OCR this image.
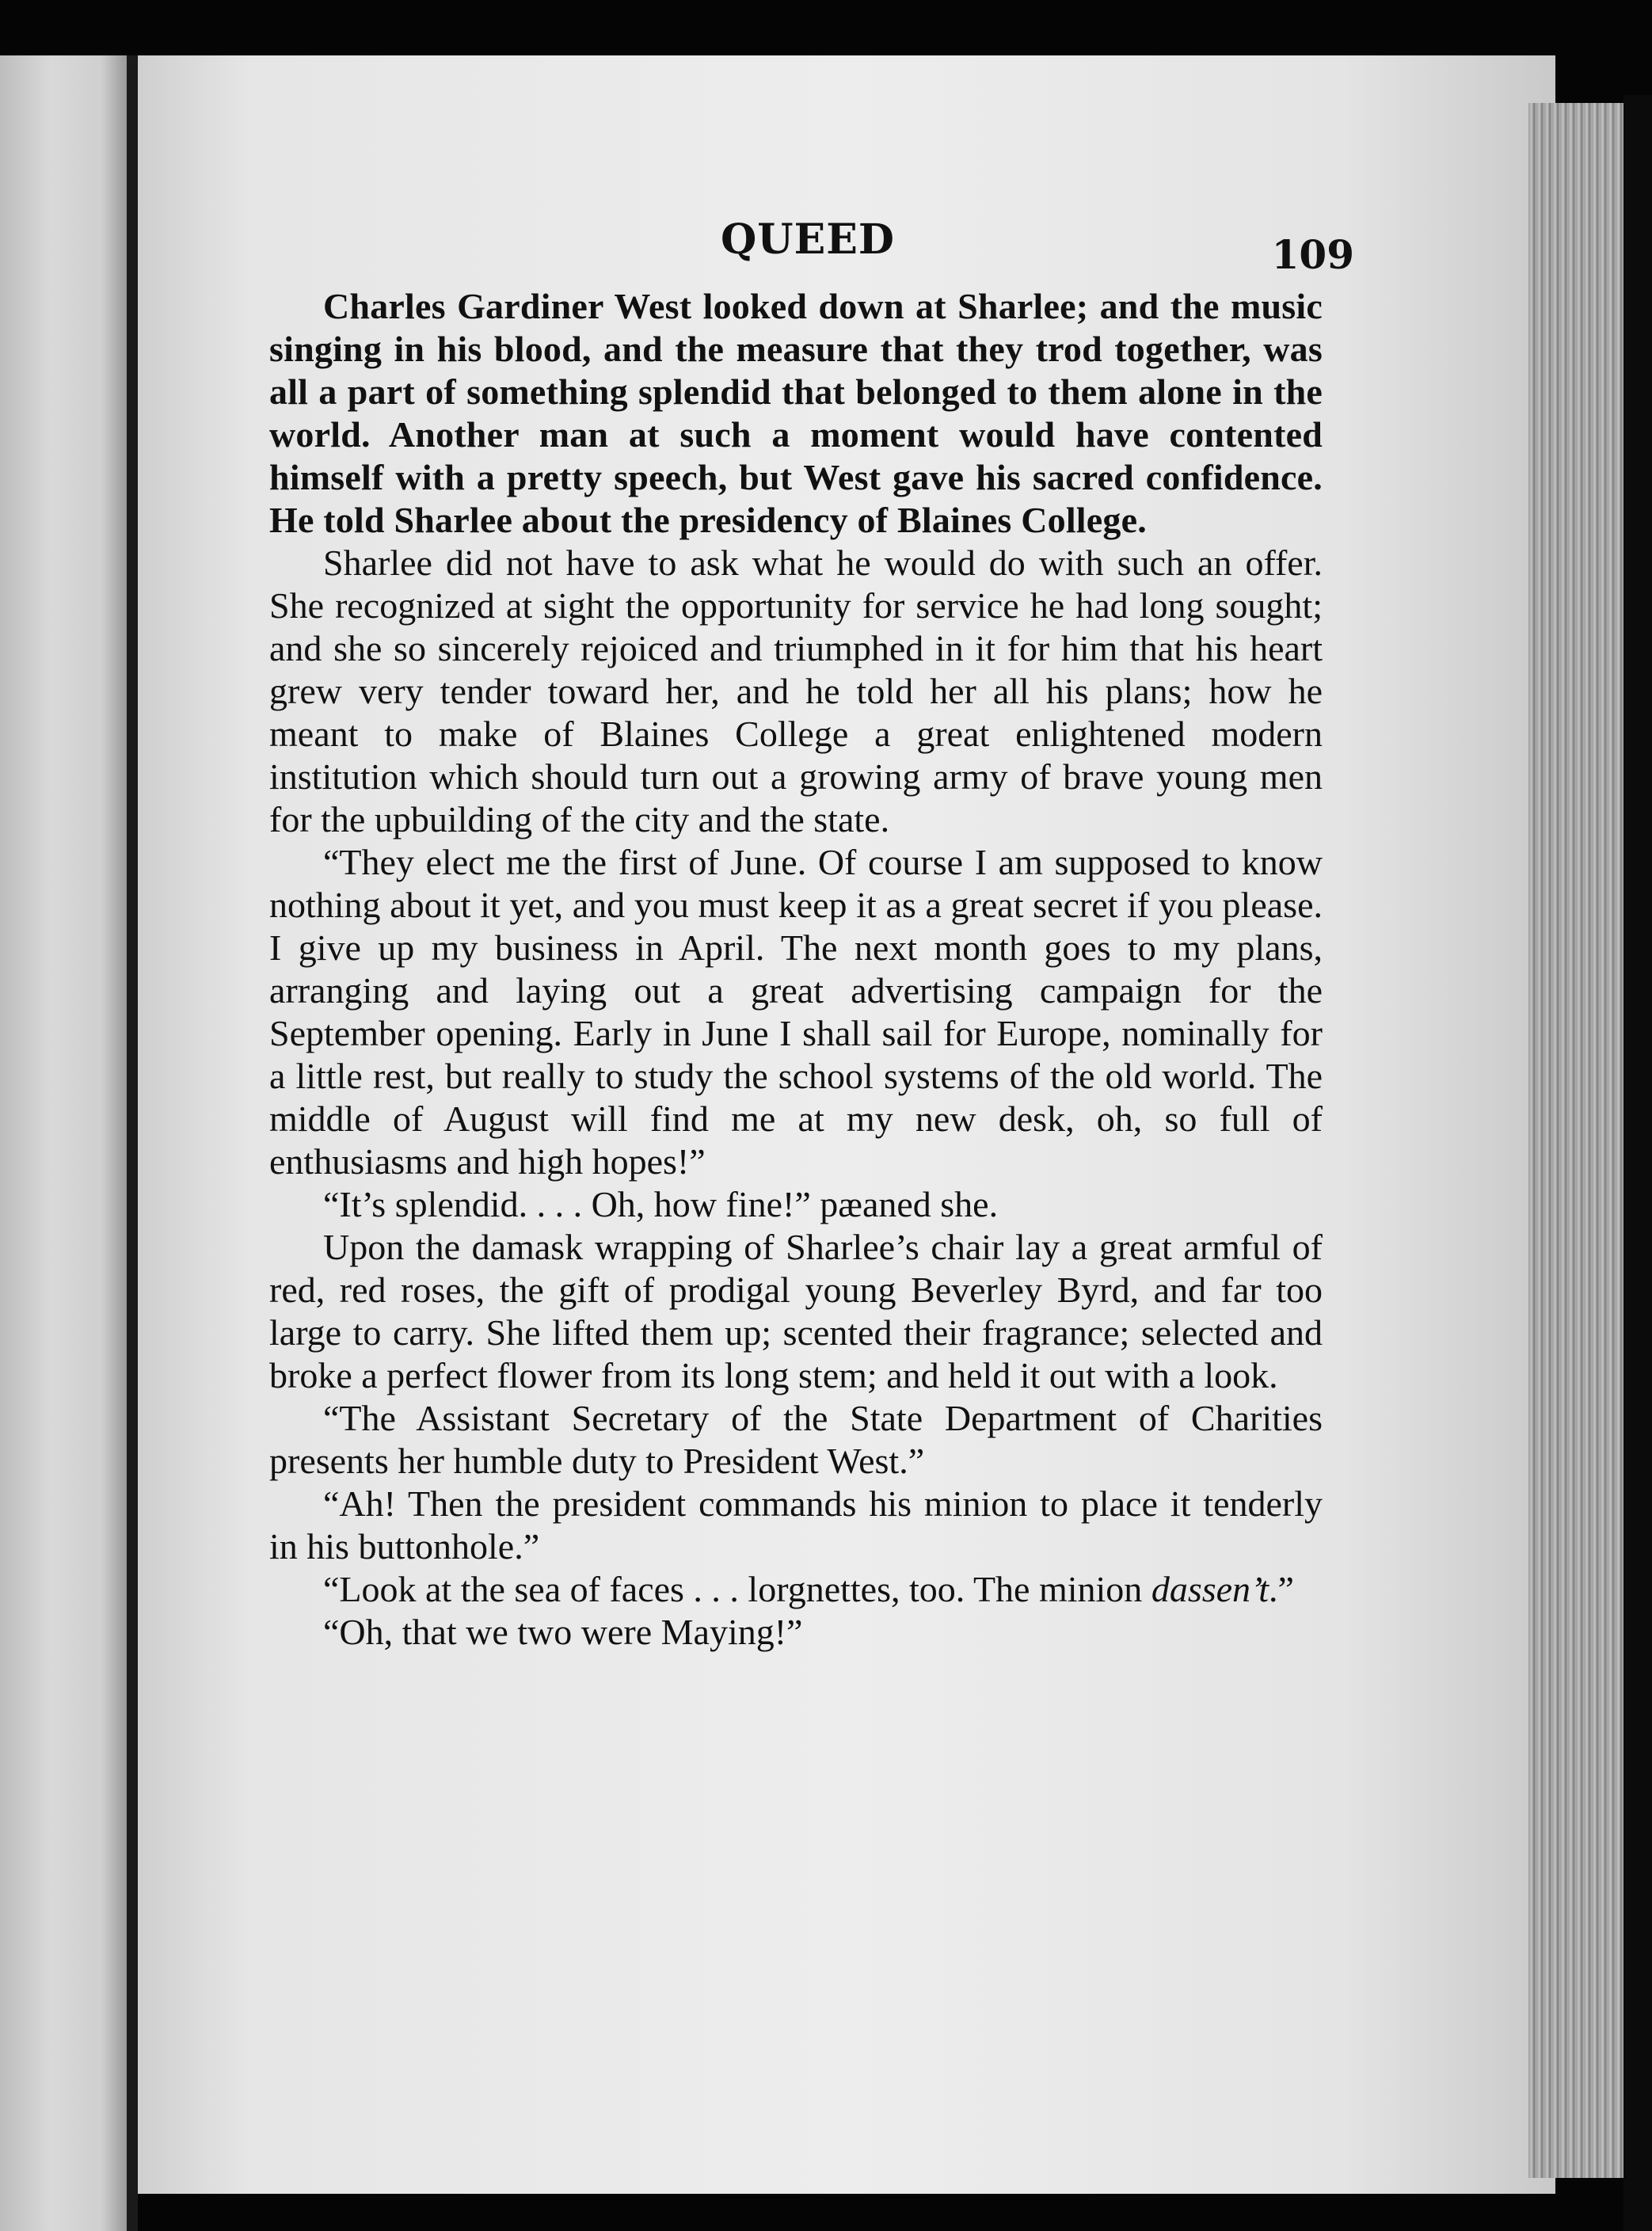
QUEED	109

Charles Gardiner West looked down at Sharlee; and the music singing in his blood, and the measure that they trod together, was all a part of something splendid that belonged to them alone in the world. Another man at such a moment would have contented himself with a pretty speech, but West gave his sacred confidence. He told Sharlee about the presidency of Blaines College.

Sharlee did not have to ask what he would do with such an offer. She recognized at sight the opportunity for service he had long sought; and she so sincerely rejoiced and triumphed in it for him that his heart grew very tender toward her, and he told her all his plans; how he meant to make of Blaines College a great enlightened modern institution which should turn out a growing army of brave young men for the upbuilding of the city and the state.

“They elect me the first of June. Of course I am supposed to know nothing about it yet, and you must keep it as a great secret if you please. I give up my business in April. The next month goes to my plans, arranging and laying out a great advertising campaign for the September opening. Early in June I shall sail for Europe, nominally for a little rest, but really to study the school systems of the old world. The middle of August will find me at my new desk, oh, so full of enthusiasms and high hopes!”

“It’s splendid. . . . Oh, how fine!” pæaned she.

Upon the damask wrapping of Sharlee’s chair lay a great armful of red, red roses, the gift of prodigal young Beverley Byrd, and far too large to carry. She lifted them up; scented their fragrance; selected and broke a perfect flower from its long stem; and held it out with a look.

“The Assistant Secretary of the State Department of Charities presents her humble duty to President West.”

“Ah! Then the president commands his minion to place it tenderly in his buttonhole.”

“Look at the sea of faces . . . lorgnettes, too. The minion dassen’t.”

“Oh, that we two were Maying!”
